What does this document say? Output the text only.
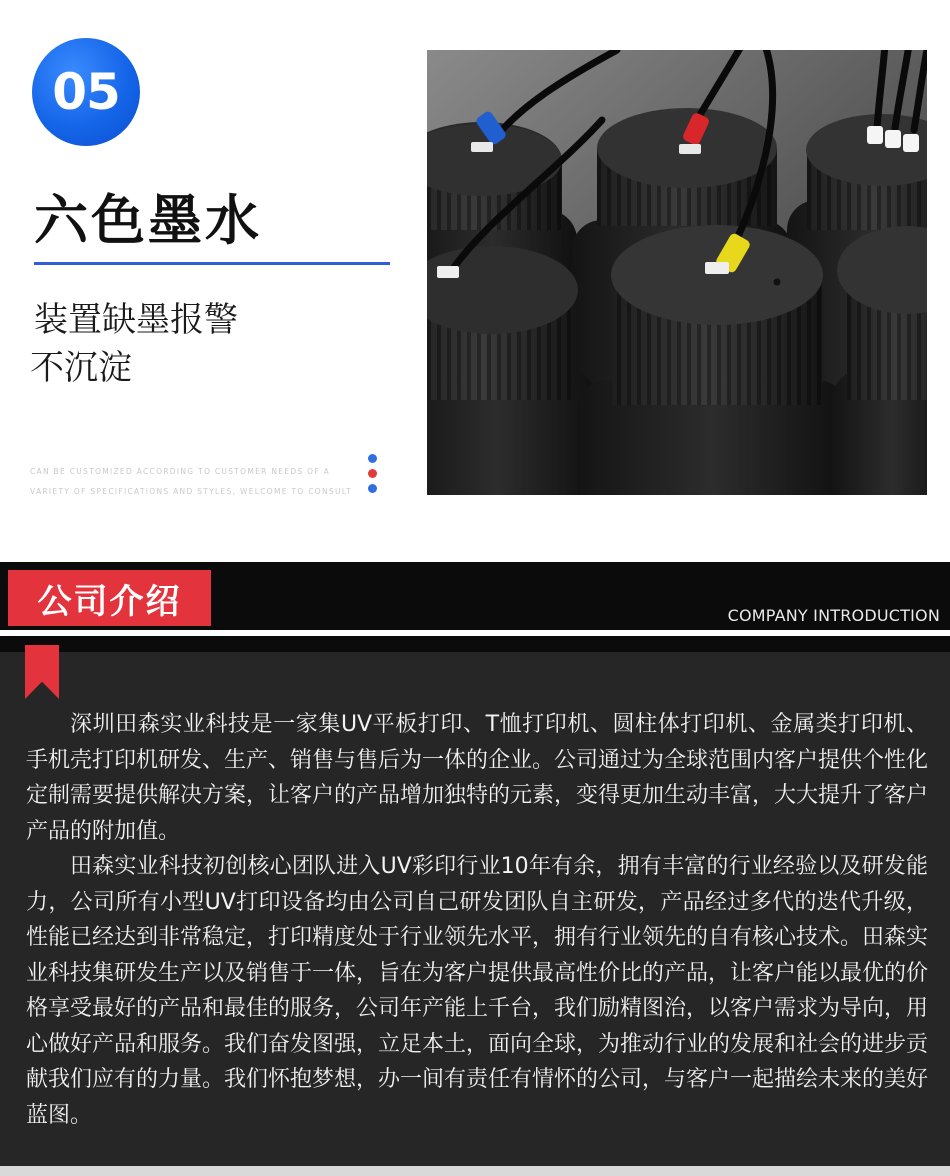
05
六色墨水
装置缺墨报警
不沉淀
CAN BE CUSTOMIZED ACCORDING TO CUSTOMER NEEDS OF A
VARIETY OF SPECIFICATIONS AND STYLES, WELCOME TO CONSULT
公司介绍	COMPANY INTRODUCTION

深圳田森实业科技是一家集UV平板打印、T恤打印机、圆柱体打印机、金属类打印机、手机壳打印机研发、生产、销售与售后为一体的企业。公司通过为全球范围内客户提供个性化定制需要提供解决方案，让客户的产品增加独特的元素，变得更加生动丰富，大大提升了客户产品的附加值。

田森实业科技初创核心团队进入UV彩印行业10年有余，拥有丰富的行业经验以及研发能力，公司所有小型UV打印设备均由公司自己研发团队自主研发，产品经过多代的迭代升级，性能已经达到非常稳定，打印精度处于行业领先水平，拥有行业领先的自有核心技术。田森实业科技集研发生产以及销售于一体，旨在为客户提供最高性价比的产品，让客户能以最优的价格享受最好的产品和最佳的服务，公司年产能上千台，我们励精图治，以客户需求为导向，用心做好产品和服务。我们奋发图强，立足本土，面向全球，为推动行业的发展和社会的进步贡献我们应有的力量。我们怀抱梦想，办一间有责任有情怀的公司，与客户一起描绘未来的美好蓝图。
